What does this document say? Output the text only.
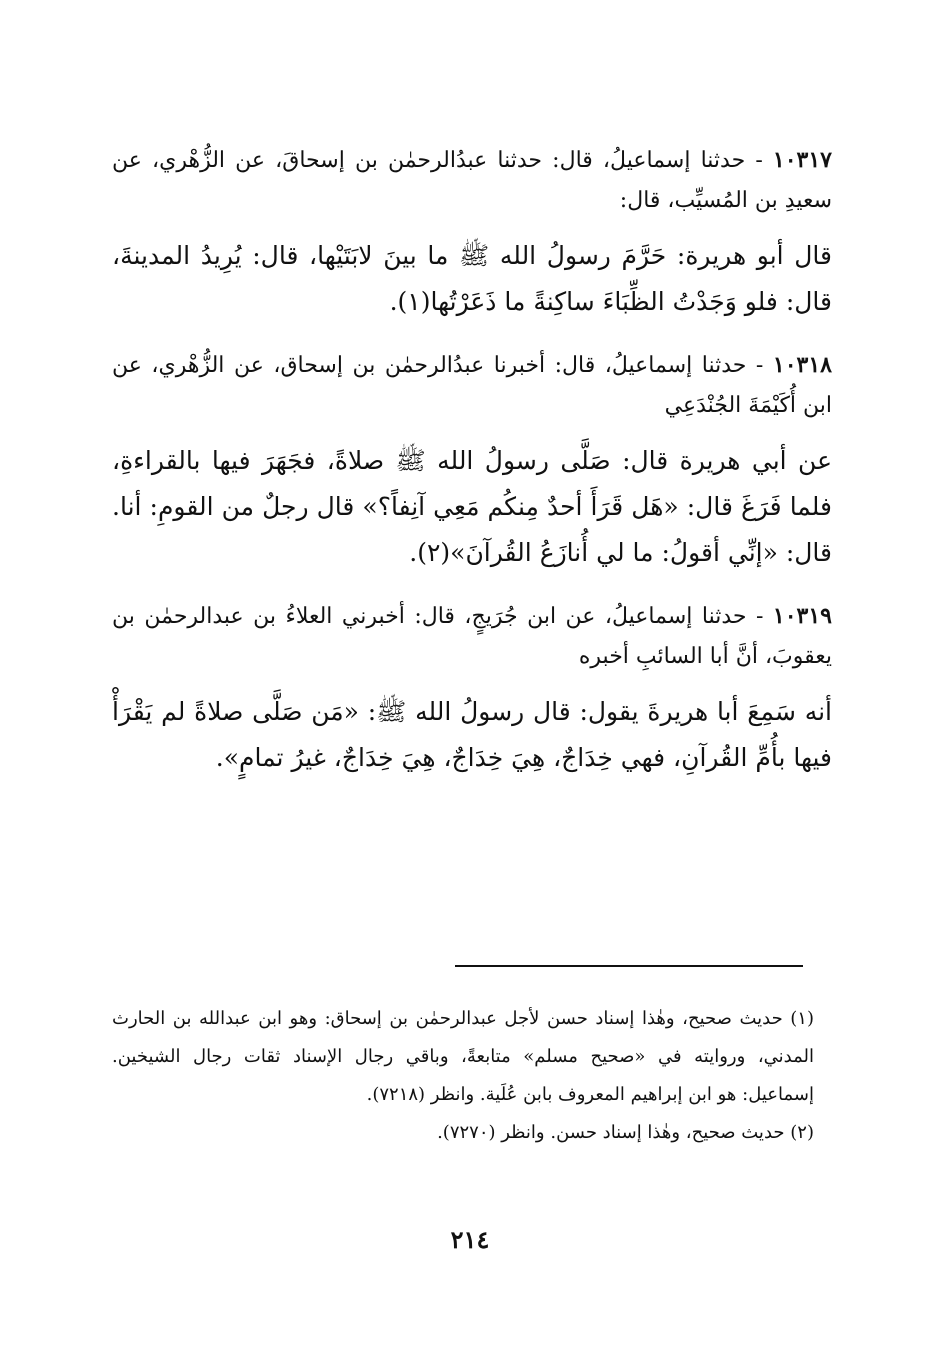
١٠٣١٧ - حدثنا إسماعيلُ، قال: حدثنا عبدُالرحمٰن بن إسحاقَ، عن الزُّهْري، عن سعيدِ بن المُسيِّب، قال:

قال أبو هريرة: حَرَّمَ رسولُ الله ﷺ ما بينَ لابَتَيْها، قال: يُرِيدُ المدينةَ، قال: فلو وَجَدْتُ الظِّبَاءَ ساكِنةً ما ذَعَرْتُها(١).

١٠٣١٨ - حدثنا إسماعيلُ، قال: أخبرنا عبدُالرحمٰن بن إسحاق، عن الزُّهْري، عن ابن أُكَيْمَةَ الجُنْدَعِي

عن أبي هريرة قال: صَلَّى رسولُ الله ﷺ صلاةً، فجَهَرَ فيها بالقراءةِ، فلما فَرَغَ قال: «هَل قَرَأَ أحدٌ مِنكُم مَعِي آنِفاً؟» قال رجلٌ من القومِ: أنا. قال: «إنِّي أقولُ: ما لي أُنازَعُ القُرآنَ»(٢).

١٠٣١٩ - حدثنا إسماعيلُ، عن ابن جُرَيجٍ، قال: أخبرني العلاءُ بن عبدالرحمٰن بن يعقوبَ، أنَّ أبا السائبِ أخبره

أنه سَمِعَ أبا هريرةَ يقول: قال رسولُ الله ﷺ: «مَن صَلَّى صلاةً لم يَقْرَأْ فيها بأُمِّ القُرآنِ، فهي خِدَاجٌ، هِيَ خِدَاجٌ، هِيَ خِدَاجٌ، غيرُ تمامٍ».

(١) حديث صحيح، وهٰذا إسناد حسن لأجل عبدالرحمٰن بن إسحاق: وهو ابن عبدالله بن الحارث المدني، وروايته في «صحيح مسلم» متابعةً، وباقي رجال الإسناد ثقات رجال الشيخين. إسماعيل: هو ابن إبراهيم المعروف بابن عُلَية. وانظر (٧٢١٨).

(٢) حديث صحيح، وهٰذا إسناد حسن. وانظر (٧٢٧٠).

٢١٤
